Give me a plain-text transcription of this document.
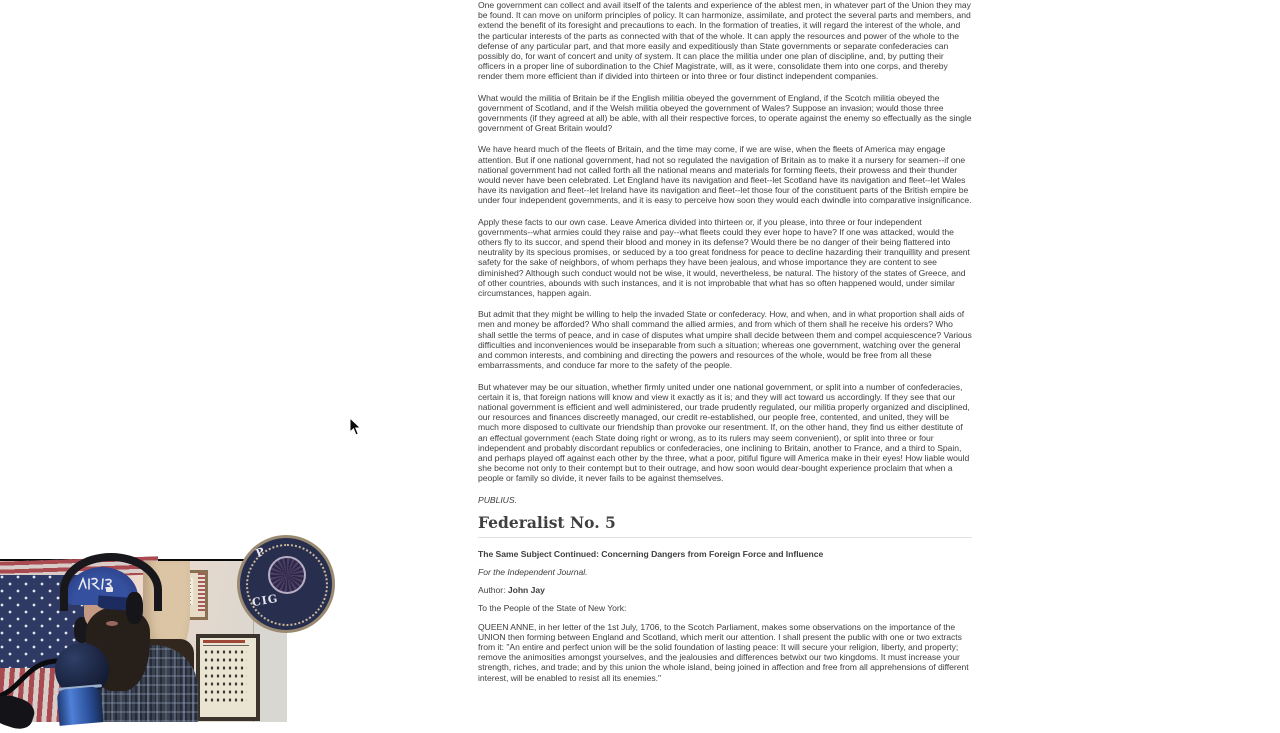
One government can collect and avail itself of the talents and experience of the ablest men, in whatever part of the Union they may be found. It can move on uniform principles of policy. It can harmonize, assimilate, and protect the several parts and members, and extend the benefit of its foresight and precautions to each. In the formation of treaties, it will regard the interest of the whole, and the particular interests of the parts as connected with that of the whole. It can apply the resources and power of the whole to the defense of any particular part, and that more easily and expeditiously than State governments or separate confederacies can possibly do, for want of concert and unity of system. It can place the militia under one plan of discipline, and, by putting their officers in a proper line of subordination to the Chief Magistrate, will, as it were, consolidate them into one corps, and thereby render them more efficient than if divided into thirteen or into three or four distinct independent companies.

What would the militia of Britain be if the English militia obeyed the government of England, if the Scotch militia obeyed the government of Scotland, and if the Welsh militia obeyed the government of Wales? Suppose an invasion; would those three governments (if they agreed at all) be able, with all their respective forces, to operate against the enemy so effectually as the single government of Great Britain would?

We have heard much of the fleets of Britain, and the time may come, if we are wise, when the fleets of America may engage attention. But if one national government, had not so regulated the navigation of Britain as to make it a nursery for seamen--if one national government had not called forth all the national means and materials for forming fleets, their prowess and their thunder would never have been celebrated. Let England have its navigation and fleet--let Scotland have its navigation and fleet--let Wales have its navigation and fleet--let Ireland have its navigation and fleet--let those four of the constituent parts of the British empire be under four independent governments, and it is easy to perceive how soon they would each dwindle into comparative insignificance.

Apply these facts to our own case. Leave America divided into thirteen or, if you please, into three or four independent governments--what armies could they raise and pay--what fleets could they ever hope to have? If one was attacked, would the others fly to its succor, and spend their blood and money in its defense? Would there be no danger of their being flattered into neutrality by its specious promises, or seduced by a too great fondness for peace to decline hazarding their tranquillity and present safety for the sake of neighbors, of whom perhaps they have been jealous, and whose importance they are content to see diminished? Although such conduct would not be wise, it would, nevertheless, be natural. The history of the states of Greece, and of other countries, abounds with such instances, and it is not improbable that what has so often happened would, under similar circumstances, happen again.

But admit that they might be willing to help the invaded State or confederacy. How, and when, and in what proportion shall aids of men and money be afforded? Who shall command the allied armies, and from which of them shall he receive his orders? Who shall settle the terms of peace, and in case of disputes what umpire shall decide between them and compel acquiescence? Various difficulties and inconveniences would be inseparable from such a situation; whereas one government, watching over the general and common interests, and combining and directing the powers and resources of the whole, would be free from all these embarrassments, and conduce far more to the safety of the people.

But whatever may be our situation, whether firmly united under one national government, or split into a number of confederacies, certain it is, that foreign nations will know and view it exactly as it is; and they will act toward us accordingly. If they see that our national government is efficient and well administered, our trade prudently regulated, our militia properly organized and disciplined, our resources and finances discreetly managed, our credit re-established, our people free, contented, and united, they will be much more disposed to cultivate our friendship than provoke our resentment. If, on the other hand, they find us either destitute of an effectual government (each State doing right or wrong, as to its rulers may seem convenient), or split into three or four independent and probably discordant republics or confederacies, one inclining to Britain, another to France, and a third to Spain, and perhaps played off against each other by the three, what a poor, pitiful figure will America make in their eyes! How liable would she become not only to their contempt but to their outrage, and how soon would dear-bought experience proclaim that when a people or family so divide, it never fails to be against themselves.

PUBLIUS.

Federalist No. 5

The Same Subject Continued: Concerning Dangers from Foreign Force and Influence

For the Independent Journal.

Author: John Jay

To the People of the State of New York:

QUEEN ANNE, in her letter of the 1st July, 1706, to the Scotch Parliament, makes some observations on the importance of the UNION then forming between England and Scotland, which merit our attention. I shall present the public with one or two extracts from it: "An entire and perfect union will be the solid foundation of lasting peace: It will secure your religion, liberty, and property; remove the animosities amongst yourselves, and the jealousies and differences betwixt our two kingdoms. It must increase your strength, riches, and trade; and by this union the whole island, being joined in affection and free from all apprehensions of different interest, will be enabled to resist all its enemies."

P
CIG
